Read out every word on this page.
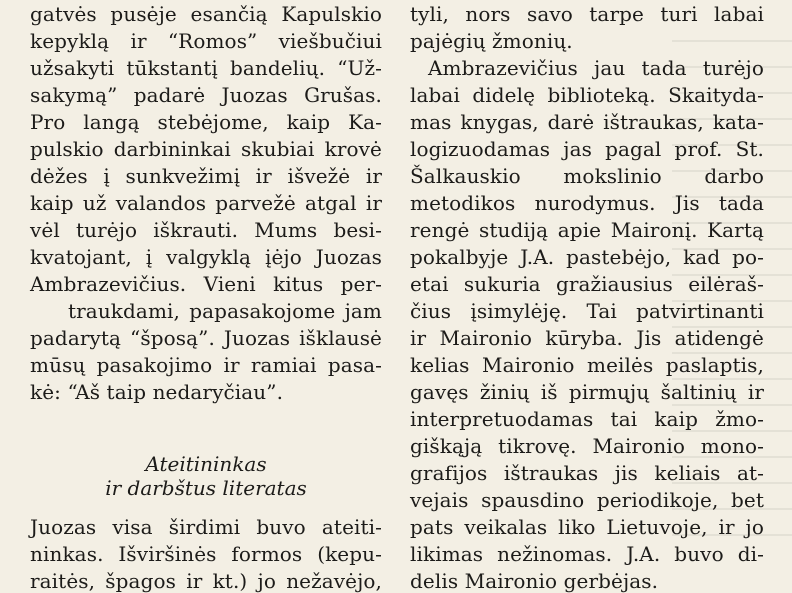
gatvės pusėje esančią Kapulskio
kepyklą ir “Romos” viešbučiui
užsakyti tūkstantį bandelių. “Už-
sakymą” padarė Juozas Grušas.
Pro langą stebėjome, kaip Ka-
pulskio darbininkai skubiai krovė
dėžes į sunkvežimį ir išvežė ir
kaip už valandos parvežė atgal ir
vėl turėjo iškrauti. Mums besi-
kvatojant, į valgyklą įėjo Juozas
Ambrazevičius. Vieni kitus per-
traukdami, papasakojome jam
padarytą “šposą”. Juozas išklausė
mūsų pasakojimo ir ramiai pasa-
kė: “Aš taip nedaryčiau”.
Ateitininkas
ir darbštus literatas
Juozas visa širdimi buvo ateiti-
ninkas. Išviršinės formos (kepu-
raitės, špagos ir kt.) jo nežavėjo,
tyli, nors savo tarpe turi labai
pajėgių žmonių.
Ambrazevičius jau tada turėjo
labai didelę biblioteką. Skaityda-
mas knygas, darė ištraukas, kata-
logizuodamas jas pagal prof. St.
Šalkauskio mokslinio darbo
metodikos nurodymus. Jis tada
rengė studiją apie Maironį. Kartą
pokalbyje J.A. pastebėjo, kad po-
etai sukuria gražiausius eilėraš-
čius įsimylėję. Tai patvirtinanti
ir Maironio kūryba. Jis atidengė
kelias Maironio meilės paslaptis,
gavęs žinių iš pirmųjų šaltinių ir
interpretuodamas tai kaip žmo-
giškąją tikrovę. Maironio mono-
grafijos ištraukas jis keliais at-
vejais spausdino periodikoje, bet
pats veikalas liko Lietuvoje, ir jo
likimas nežinomas. J.A. buvo di-
delis Maironio gerbėjas.
